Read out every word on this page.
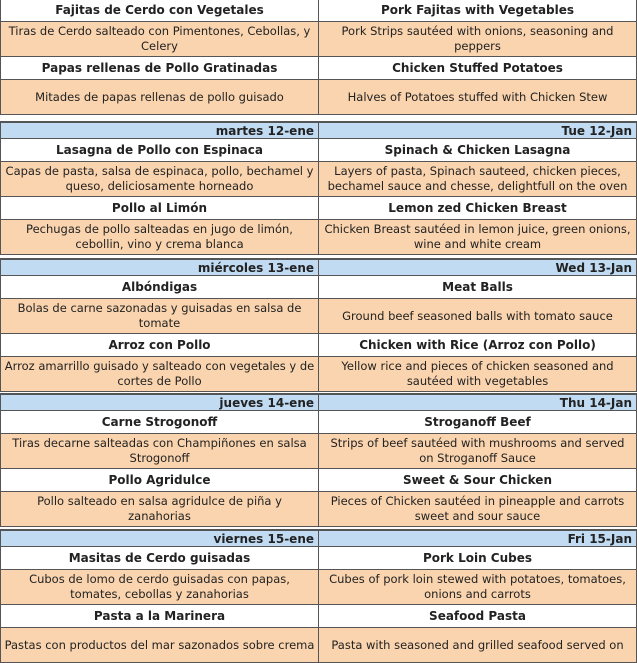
Fajitas de Cerdo con Vegetales	Pork Fajitas with Vegetables
Tiras de Cerdo salteado con Pimentones, Cebollas, y Celery	Pork Strips sautéed with onions, seasoning and peppers
Papas rellenas de Pollo Gratinadas	Chicken Stuffed Potatoes
Mitades de papas rellenas de pollo guisado	Halves of Potatoes stuffed with Chicken Stew
martes 12-ene	Tue 12-Jan
Lasagna de Pollo con Espinaca	Spinach & Chicken Lasagna
Capas de pasta, salsa de espinaca, pollo, bechamel y queso, deliciosamente horneado	Layers of pasta, Spinach sauteed, chicken pieces, bechamel sauce and chesse, delightfull on the oven
Pollo al Limón	Lemon zed Chicken Breast
Pechugas de pollo salteadas en jugo de limón, cebollin, vino y crema blanca	Chicken Breast sautéed in lemon juice, green onions, wine and white cream
miércoles 13-ene	Wed 13-Jan
Albóndigas	Meat Balls
Bolas de carne sazonadas y guisadas en salsa de tomate	Ground beef seasoned balls with tomato sauce
Arroz con Pollo	Chicken with Rice (Arroz con Pollo)
Arroz amarrillo guisado y salteado con vegetales y de cortes de Pollo	Yellow rice and pieces of chicken seasoned and sautéed with vegetables
jueves 14-ene	Thu 14-Jan
Carne Strogonoff	Stroganoff Beef
Tiras decarne salteadas con Champiñones en salsa Strogonoff	Strips of beef sautéed with mushrooms and served on Stroganoff Sauce
Pollo Agridulce	Sweet & Sour Chicken
Pollo salteado en salsa agridulce de piña y zanahorias	Pieces of Chicken sautéed in pineapple and carrots sweet and sour sauce
viernes 15-ene	Fri 15-Jan
Masitas de Cerdo guisadas	Pork Loin Cubes
Cubos de lomo de cerdo guisadas con papas, tomates, cebollas y zanahorias	Cubes of pork loin stewed with potatoes, tomatoes, onions and carrots
Pasta a la Marinera	Seafood Pasta
Pastas con productos del mar sazonados sobre crema	Pasta with seasoned and grilled seafood served on
